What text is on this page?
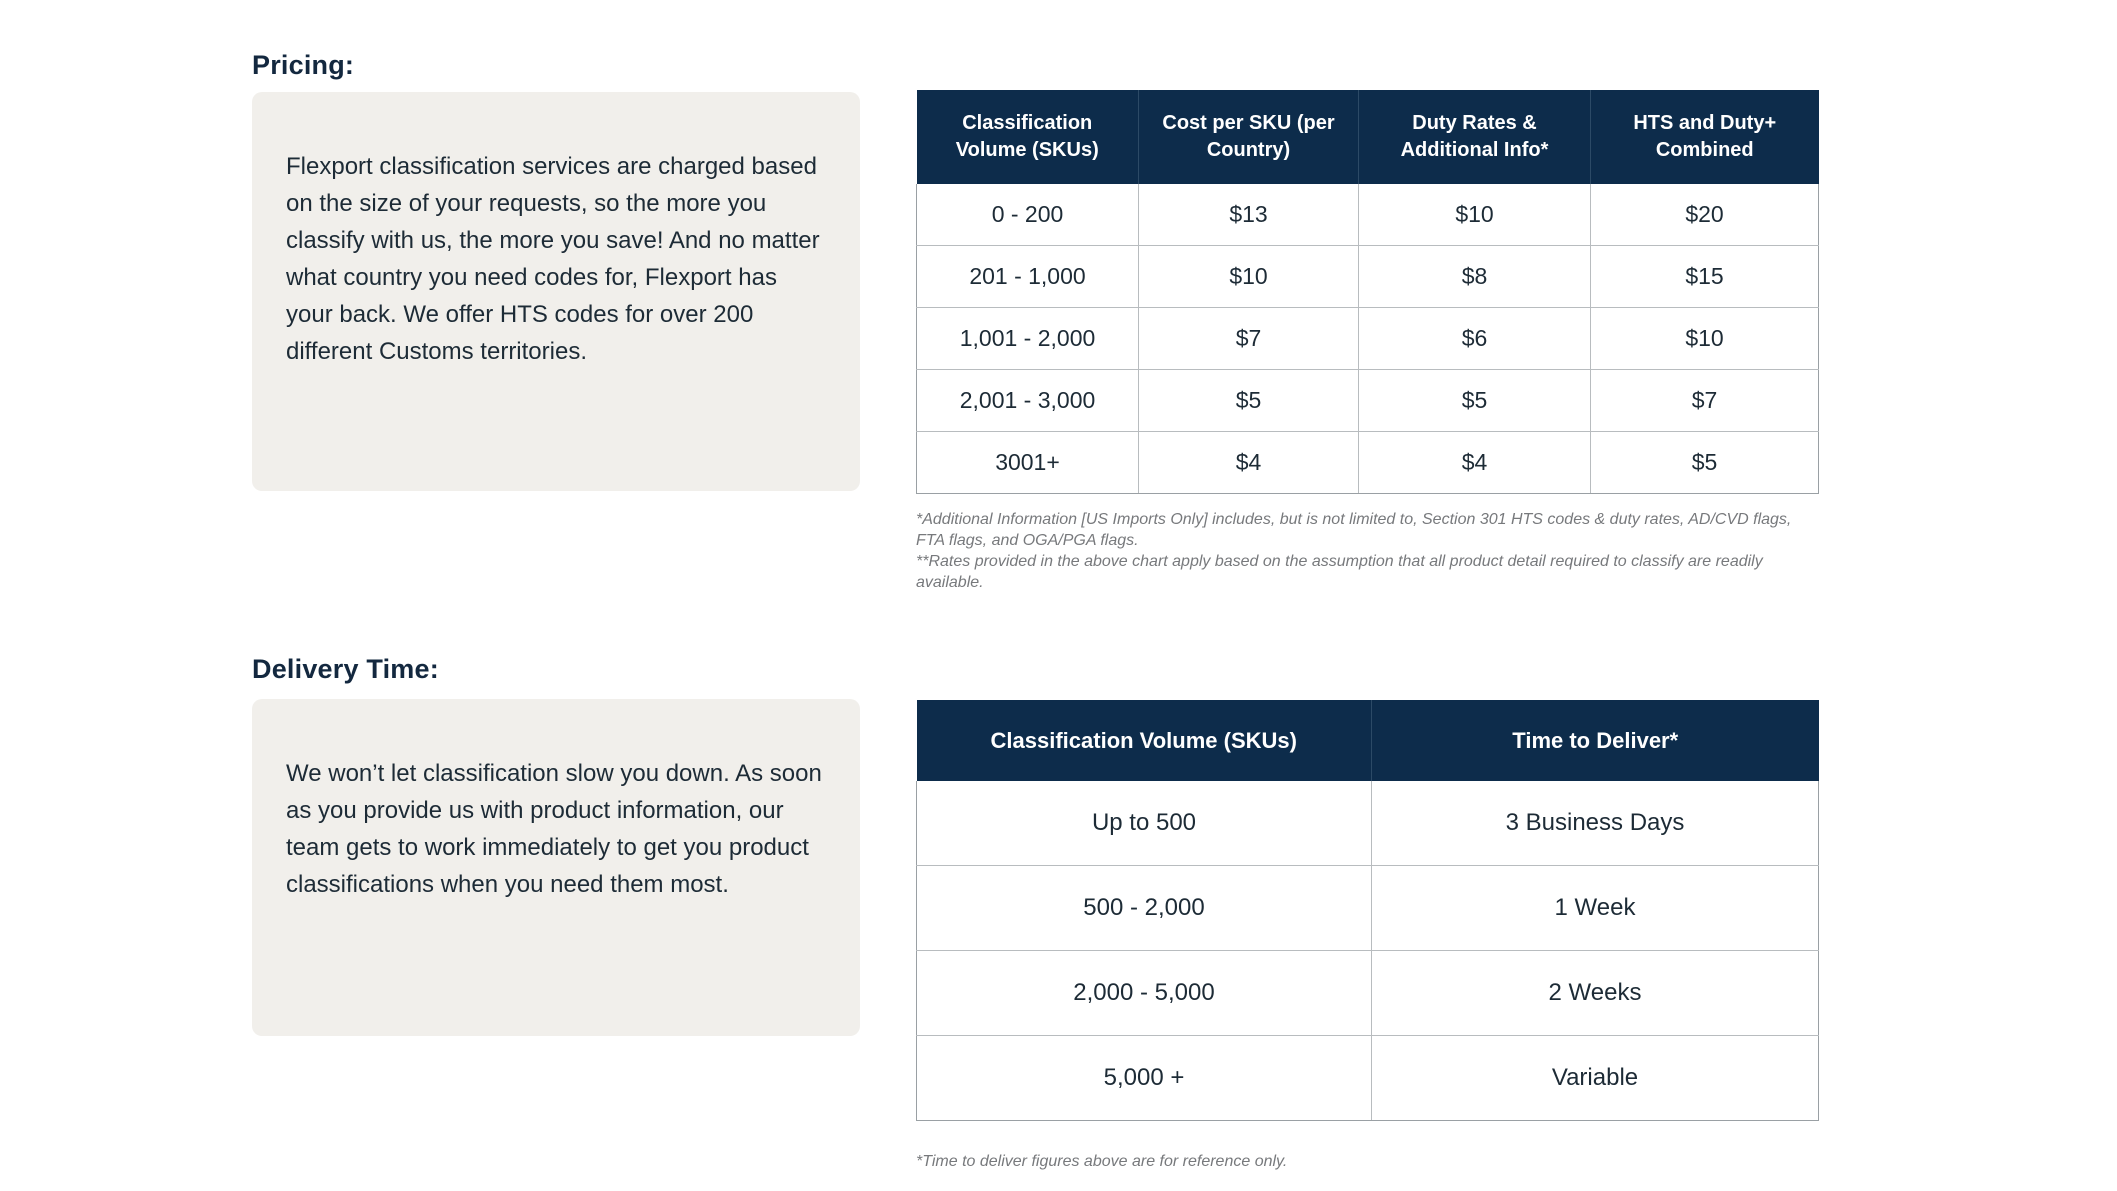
Pricing:
Flexport classification services are charged based on the size of your requests, so the more you classify with us, the more you save! And no matter what country you need codes for, Flexport has your back. We offer HTS codes for over 200 different Customs territories.
Classification Volume (SKUs)	Cost per SKU (per Country)	Duty Rates & Additional Info*	HTS and Duty+ Combined
0 - 200	$13	$10	$20
201 - 1,000	$10	$8	$15
1,001 - 2,000	$7	$6	$10
2,001 - 3,000	$5	$5	$7
3001+	$4	$4	$5

*Additional Information [US Imports Only] includes, but is not limited to, Section 301 HTS codes & duty rates, AD/CVD flags, FTA flags, and OGA/PGA flags.

**Rates provided in the above chart apply based on the assumption that all product detail required to classify are readily available.

Delivery Time:
We won’t let classification slow you down. As soon as you provide us with product information, our team gets to work immediately to get you product classifications when you need them most.
Classification Volume (SKUs)	Time to Deliver*
Up to 500	3 Business Days
500 - 2,000	1 Week
2,000 - 5,000	2 Weeks
5,000 +	Variable

*Time to deliver figures above are for reference only.
